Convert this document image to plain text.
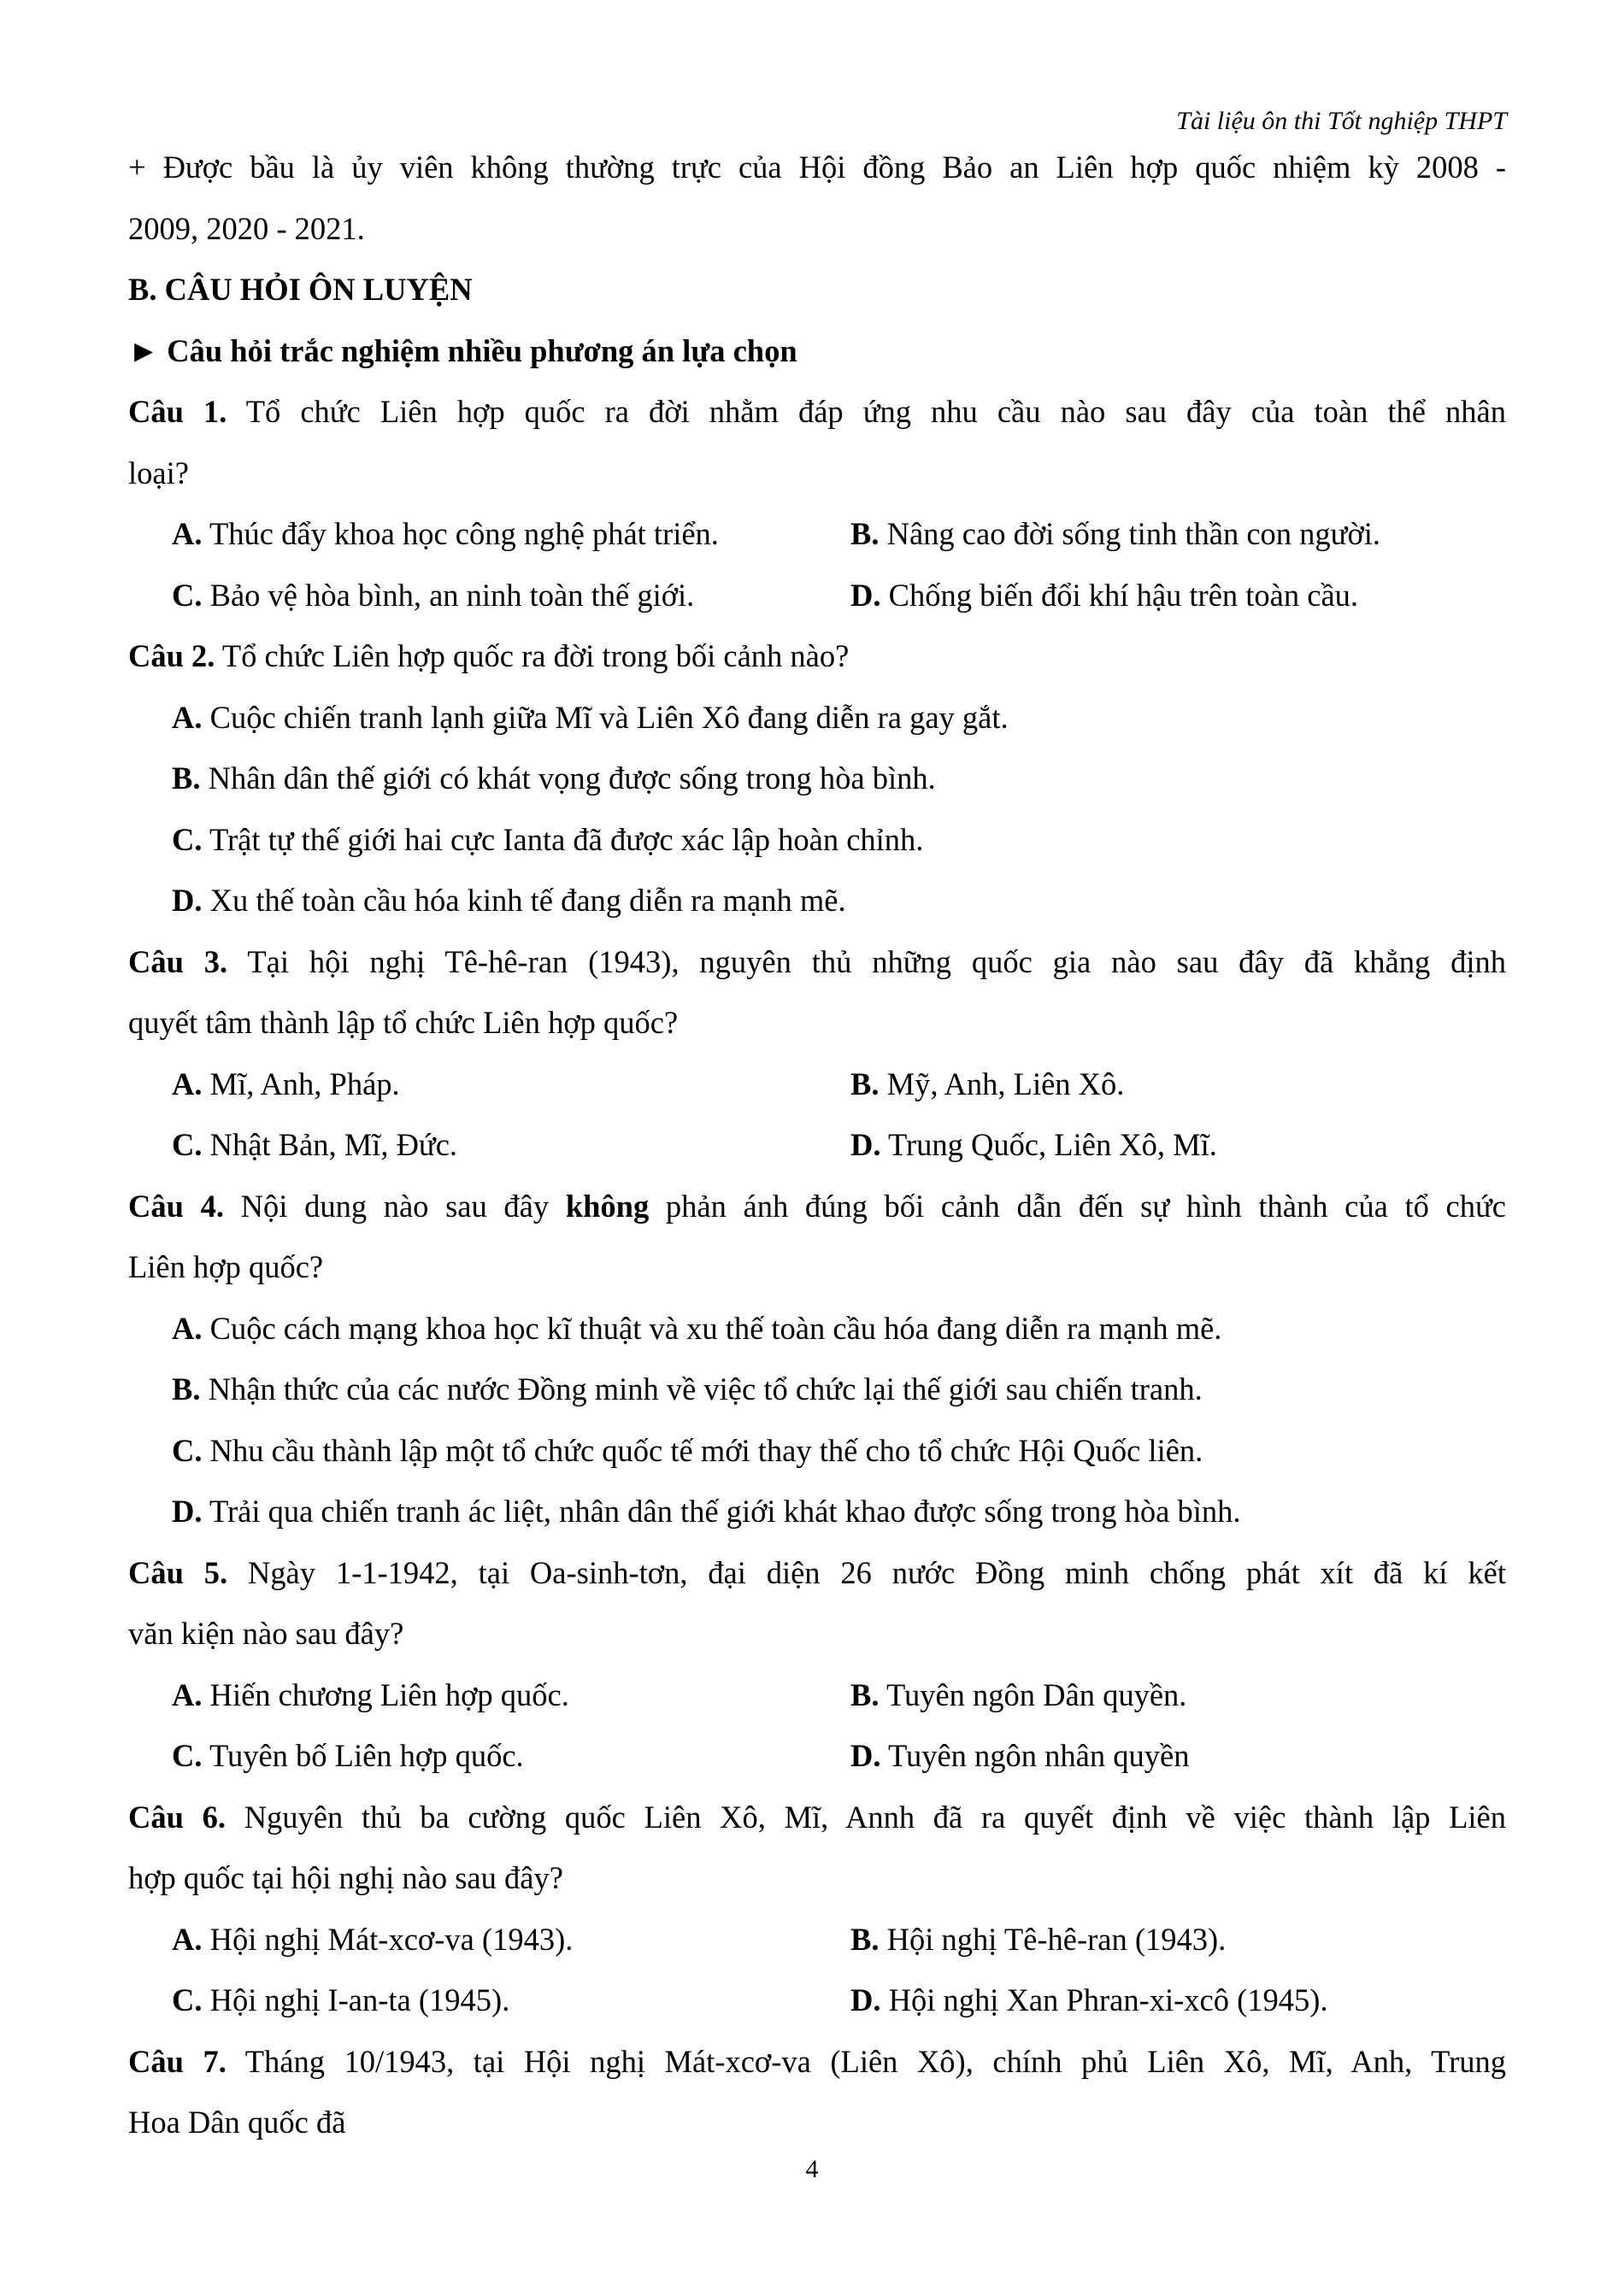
Tài liệu ôn thi Tốt nghiệp THPT
+ Được bầu là ủy viên không thường trực của Hội đồng Bảo an Liên hợp quốc nhiệm kỳ 2008 -
2009, 2020 - 2021.
B. CÂU HỎI ÔN LUYỆN
► Câu hỏi trắc nghiệm nhiều phương án lựa chọn
Câu 1. Tổ chức Liên hợp quốc ra đời nhằm đáp ứng nhu cầu nào sau đây của toàn thể nhân
loại?
A. Thúc đẩy khoa học công nghệ phát triển.	B. Nâng cao đời sống tinh thần con người.
C. Bảo vệ hòa bình, an ninh toàn thế giới.	D. Chống biến đổi khí hậu trên toàn cầu.
Câu 2. Tổ chức Liên hợp quốc ra đời trong bối cảnh nào?
A. Cuộc chiến tranh lạnh giữa Mĩ và Liên Xô đang diễn ra gay gắt.
B. Nhân dân thế giới có khát vọng được sống trong hòa bình.
C. Trật tự thế giới hai cực Ianta đã được xác lập hoàn chỉnh.
D. Xu thế toàn cầu hóa kinh tế đang diễn ra mạnh mẽ.
Câu 3. Tại hội nghị Tê-hê-ran (1943), nguyên thủ những quốc gia nào sau đây đã khẳng định
quyết tâm thành lập tổ chức Liên hợp quốc?
A. Mĩ, Anh, Pháp.	B. Mỹ, Anh, Liên Xô.
C. Nhật Bản, Mĩ, Đức.	D. Trung Quốc, Liên Xô, Mĩ.
Câu 4. Nội dung nào sau đây không phản ánh đúng bối cảnh dẫn đến sự hình thành của tổ chức
Liên hợp quốc?
A. Cuộc cách mạng khoa học kĩ thuật và xu thế toàn cầu hóa đang diễn ra mạnh mẽ.
B. Nhận thức của các nước Đồng minh về việc tổ chức lại thế giới sau chiến tranh.
C. Nhu cầu thành lập một tổ chức quốc tế mới thay thế cho tổ chức Hội Quốc liên.
D. Trải qua chiến tranh ác liệt, nhân dân thế giới khát khao được sống trong hòa bình.
Câu 5. Ngày 1-1-1942, tại Oa-sinh-tơn, đại diện 26 nước Đồng minh chống phát xít đã kí kết
văn kiện nào sau đây?
A. Hiến chương Liên hợp quốc.	B. Tuyên ngôn Dân quyền.
C. Tuyên bố Liên hợp quốc.	D. Tuyên ngôn nhân quyền
Câu 6. Nguyên thủ ba cường quốc Liên Xô, Mĩ, Annh đã ra quyết định về việc thành lập Liên
hợp quốc tại hội nghị nào sau đây?
A. Hội nghị Mát-xcơ-va (1943).	B. Hội nghị Tê-hê-ran (1943).
C. Hội nghị I-an-ta (1945).	D. Hội nghị Xan Phran-xi-xcô (1945).
Câu 7. Tháng 10/1943, tại Hội nghị Mát-xcơ-va (Liên Xô), chính phủ Liên Xô, Mĩ, Anh, Trung
Hoa Dân quốc đã
4
